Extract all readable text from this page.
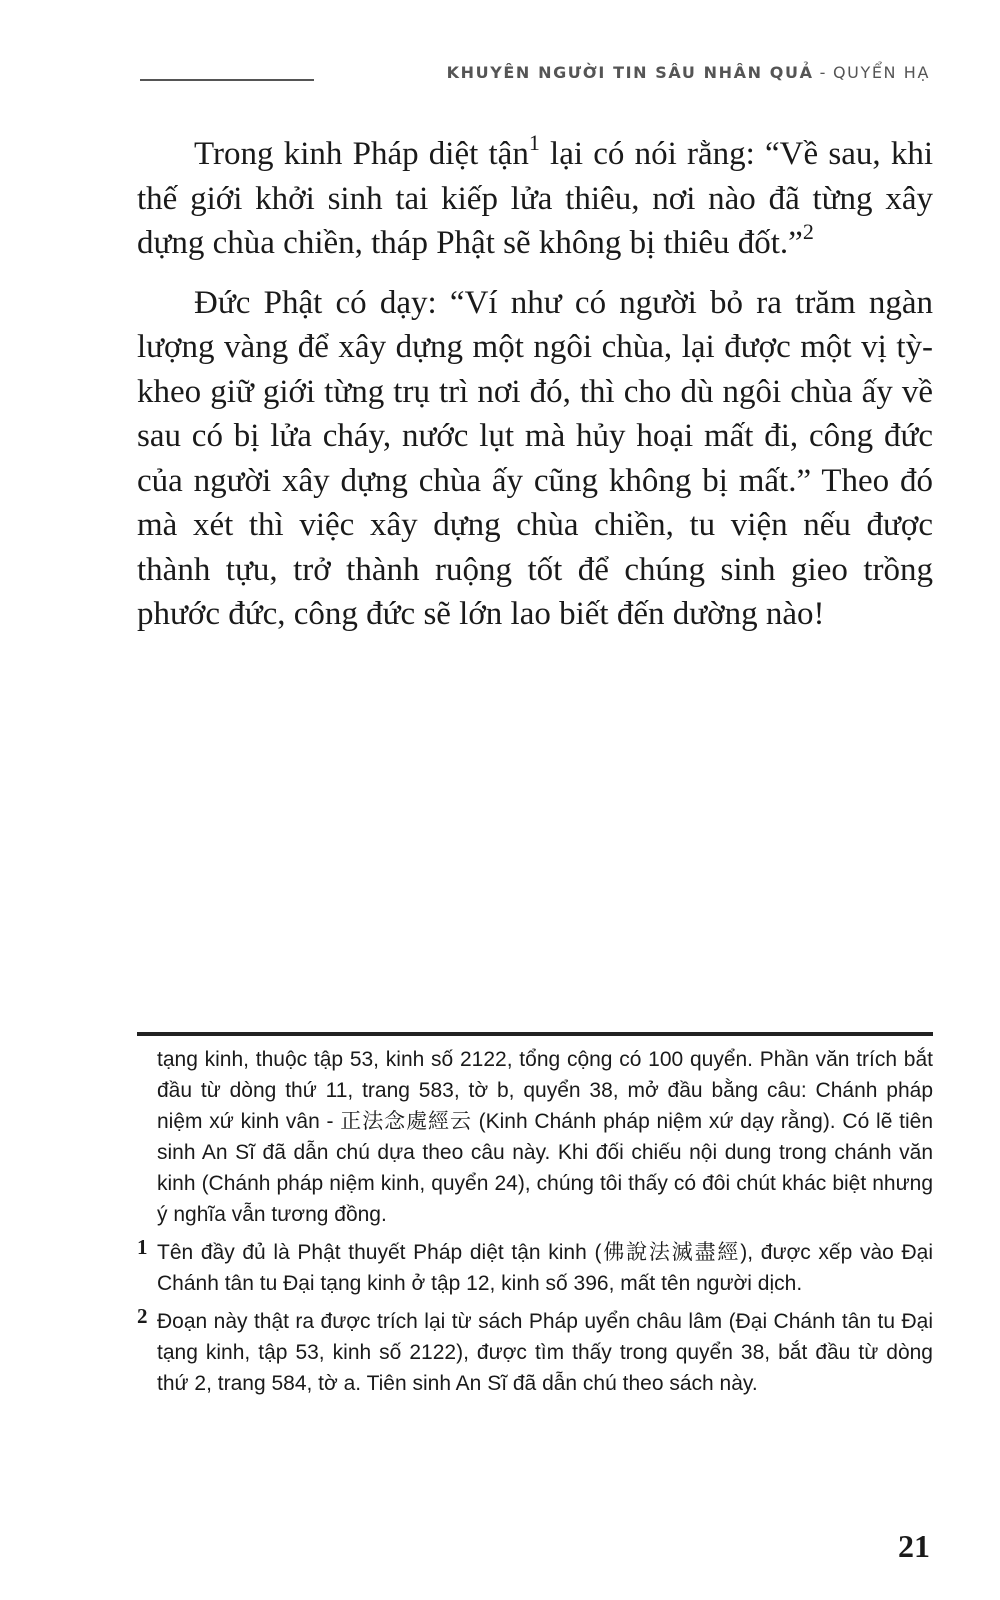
KHUYÊN NGƯỜI TIN SÂU NHÂN QUẢ - QUYỂN HẠ

Trong kinh Pháp diệt tận$^1$ lại có nói rằng: “Về sau, khi thế giới khởi sinh tai kiếp lửa thiêu, nơi nào đã từng xây dựng chùa chiền, tháp Phật sẽ không bị thiêu đốt.”$^2$

Đức Phật có dạy: “Ví như có người bỏ ra trăm ngàn lượng vàng để xây dựng một ngôi chùa, lại được một vị tỳ-kheo giữ giới từng trụ trì nơi đó, thì cho dù ngôi chùa ấy về sau có bị lửa cháy, nước lụt mà hủy hoại mất đi, công đức của người xây dựng chùa ấy cũng không bị mất.” Theo đó mà xét thì việc xây dựng chùa chiền, tu viện nếu được thành tựu, trở thành ruộng tốt để chúng sinh gieo trồng phước đức, công đức sẽ lớn lao biết đến dường nào!

tạng kinh, thuộc tập 53, kinh số 2122, tổng cộng có 100 quyển. Phần văn trích bắt đầu từ dòng thứ 11, trang 583, tờ b, quyển 38, mở đầu bằng câu: Chánh pháp niệm xứ kinh vân - 正法念處經云 (Kinh Chánh pháp niệm xứ dạy rằng). Có lẽ tiên sinh An Sĩ đã dẫn chú dựa theo câu này. Khi đối chiếu nội dung trong chánh văn kinh (Chánh pháp niệm kinh, quyển 24), chúng tôi thấy có đôi chút khác biệt nhưng ý nghĩa vẫn tương đồng.
1 Tên đầy đủ là Phật thuyết Pháp diệt tận kinh (佛說法滅盡經), được xếp vào Đại Chánh tân tu Đại tạng kinh ở tập 12, kinh số 396, mất tên người dịch.
2 Đoạn này thật ra được trích lại từ sách Pháp uyển châu lâm (Đại Chánh tân tu Đại tạng kinh, tập 53, kinh số 2122), được tìm thấy trong quyển 38, bắt đầu từ dòng thứ 2, trang 584, tờ a. Tiên sinh An Sĩ đã dẫn chú theo sách này.
21
